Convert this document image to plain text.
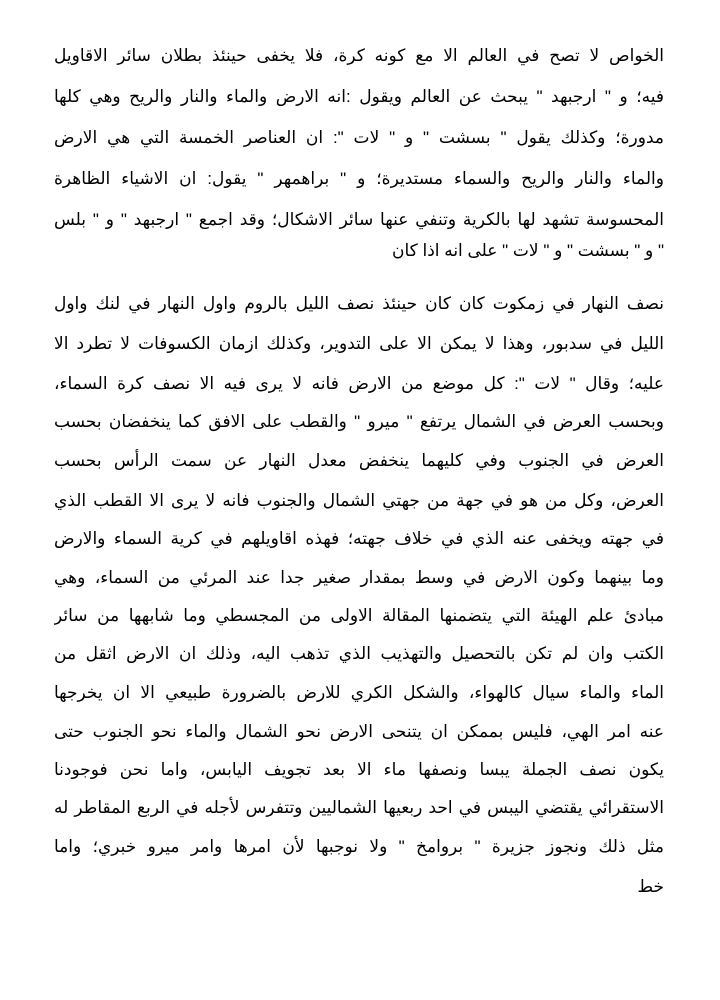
الخواص لا تصح في العالم الا مع كونه كرة، فلا يخفى حينئذ بطلان سائر الاقاويل
فيه؛ و " ارجبهد " يبحث عن العالم ويقول :انه الارض والماء والنار والريح وهي كلها
مدورة؛ وكذلك يقول " بسشت " و " لات ": ان العناصر الخمسة التي هي الارض
والماء والنار والريح والسماء مستديرة؛ و " براهمهر " يقول: ان الاشياء الظاهرة
المحسوسة تشهد لها بالكرية وتنفي عنها سائر الاشكال؛ وقد اجمع " ارجبهد " و " بلس
" و " بسشت " و " لات " على انه اذا كان
نصف النهار في زمكوت كان كان حينئذ نصف الليل بالروم واول النهار في لنك واول
الليل في سدبور، وهذا لا يمكن الا على التدوير، وكذلك ازمان الكسوفات لا تطرد الا
عليه؛ وقال " لات ": كل موضع من الارض فانه لا يرى فيه الا نصف كرة السماء،
وبحسب العرض في الشمال يرتفع " ميرو " والقطب على الافق كما ينخفضان بحسب
العرض في الجنوب وفي كليهما ينخفض معدل النهار عن سمت الرأس بحسب
العرض، وكل من هو في جهة من جهتي الشمال والجنوب فانه لا يرى الا القطب الذي
في جهته ويخفى عنه الذي في خلاف جهته؛ فهذه اقاويلهم في كرية السماء والارض
وما بينهما وكون الارض في وسط بمقدار صغير جدا عند المرئي من السماء، وهي
مبادئ علم الهيئة التي يتضمنها المقالة الاولى من المجسطي وما شابهها من سائر
الكتب وان لم تكن بالتحصيل والتهذيب الذي تذهب اليه، وذلك ان الارض اثقل من
الماء والماء سيال كالهواء، والشكل الكري للارض بالضرورة طبيعي الا ان يخرجها
عنه امر الهي، فليس بممكن ان يتنحى الارض نحو الشمال والماء نحو الجنوب حتى
يكون نصف الجملة يبسا ونصفها ماء الا بعد تجويف اليابس، واما نحن فوجودنا
الاستقرائي يقتضي اليبس في احد ربعيها الشماليين وتتفرس لأجله في الربع المقاطر له
مثل ذلك ونجوز جزيرة " بروامخ " ولا نوجبها لأن امرها وامر ميرو خبري؛ واما
خط
